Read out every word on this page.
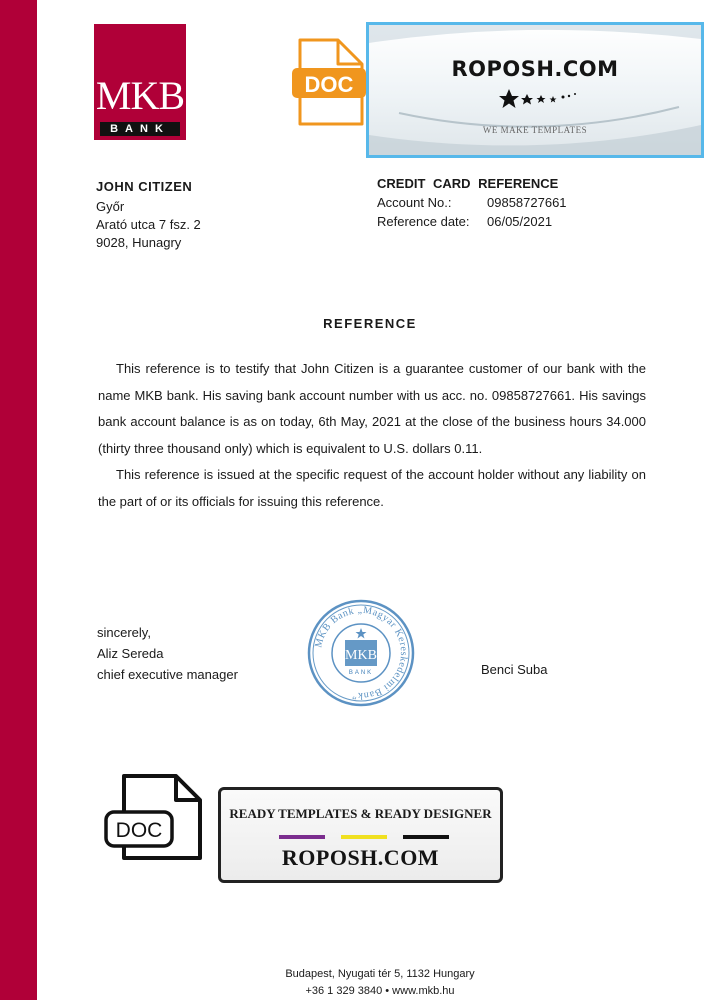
MKB
BANK
DOC
ROPOSH.COM
WE MAKE TEMPLATES
JOHN CITIZEN
Győr
Arató utca 7 fsz. 2
9028, Hunagry
CREDIT CARD REFERENCE
Account No.:	09858727661
Reference date:	06/05/2021
REFERENCE

This reference is to testify that John Citizen is a guarantee customer of our bank with the name MKB bank. His saving bank account number with us acc. no. 09858727661. His savings bank account balance is as on today, 6th May, 2021 at the close of the business hours 34.000 (thirty three thousand only) which is equivalent to U.S. dollars 0.11.

This reference is issued at the specific request of the account holder without any liability on the part of or its officials for issuing this reference.

sincerely,
Aliz Sereda
chief executive manager
MKB Bank „Magyar Kereskedelmi Bank”
MKB
BANK	Benci Suba
DOC
READY TEMPLATES & READY DESIGNER
ROPOSH.COM
Budapest, Nyugati tér 5, 1132 Hungary
+36 1 329 3840 • www.mkb.hu
